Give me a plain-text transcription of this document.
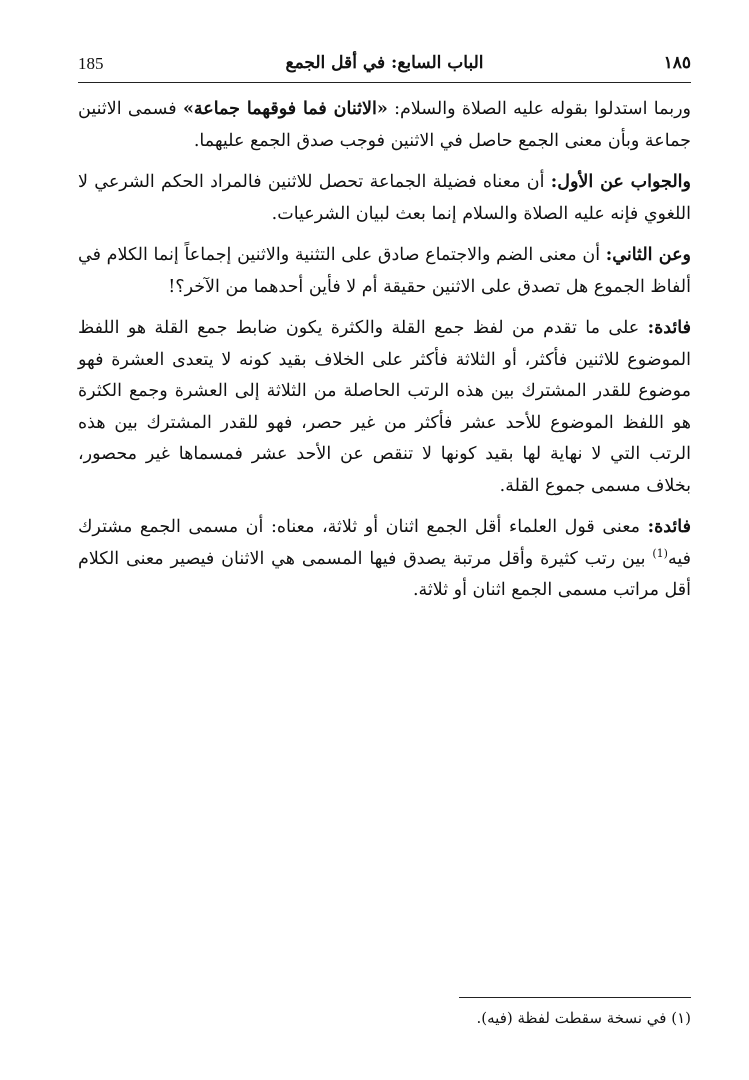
185	الباب السابع: في أقل الجمع	١٨٥

وربما استدلوا بقوله عليه الصلاة والسلام: «الاثنان فما فوقهما جماعة» فسمى الاثنين جماعة وبأن معنى الجمع حاصل في الاثنين فوجب صدق الجمع عليهما.

والجواب عن الأول: أن معناه فضيلة الجماعة تحصل للاثنين فالمراد الحكم الشرعي لا اللغوي فإنه عليه الصلاة والسلام إنما بعث لبيان الشرعيات.

وعن الثاني: أن معنى الضم والاجتماع صادق على التثنية والاثنين إجماعاً إنما الكلام في ألفاظ الجموع هل تصدق على الاثنين حقيقة أم لا فأين أحدهما من الآخر؟!

فائدة: على ما تقدم من لفظ جمع القلة والكثرة يكون ضابط جمع القلة هو اللفظ الموضوع للاثنين فأكثر، أو الثلاثة فأكثر على الخلاف بقيد كونه لا يتعدى العشرة فهو موضوع للقدر المشترك بين هذه الرتب الحاصلة من الثلاثة إلى العشرة وجمع الكثرة هو اللفظ الموضوع للأحد عشر فأكثر من غير حصر، فهو للقدر المشترك بين هذه الرتب التي لا نهاية لها بقيد كونها لا تنقص عن الأحد عشر فمسماها غير محصور، بخلاف مسمى جموع القلة.

فائدة: معنى قول العلماء أقل الجمع اثنان أو ثلاثة، معناه: أن مسمى الجمع مشترك فيه$^{(1)}$ بين رتب كثيرة وأقل مرتبة يصدق فيها المسمى هي الاثنان فيصير معنى الكلام أقل مراتب مسمى الجمع اثنان أو ثلاثة.

(١) في نسخة سقطت لفظة (فيه).
